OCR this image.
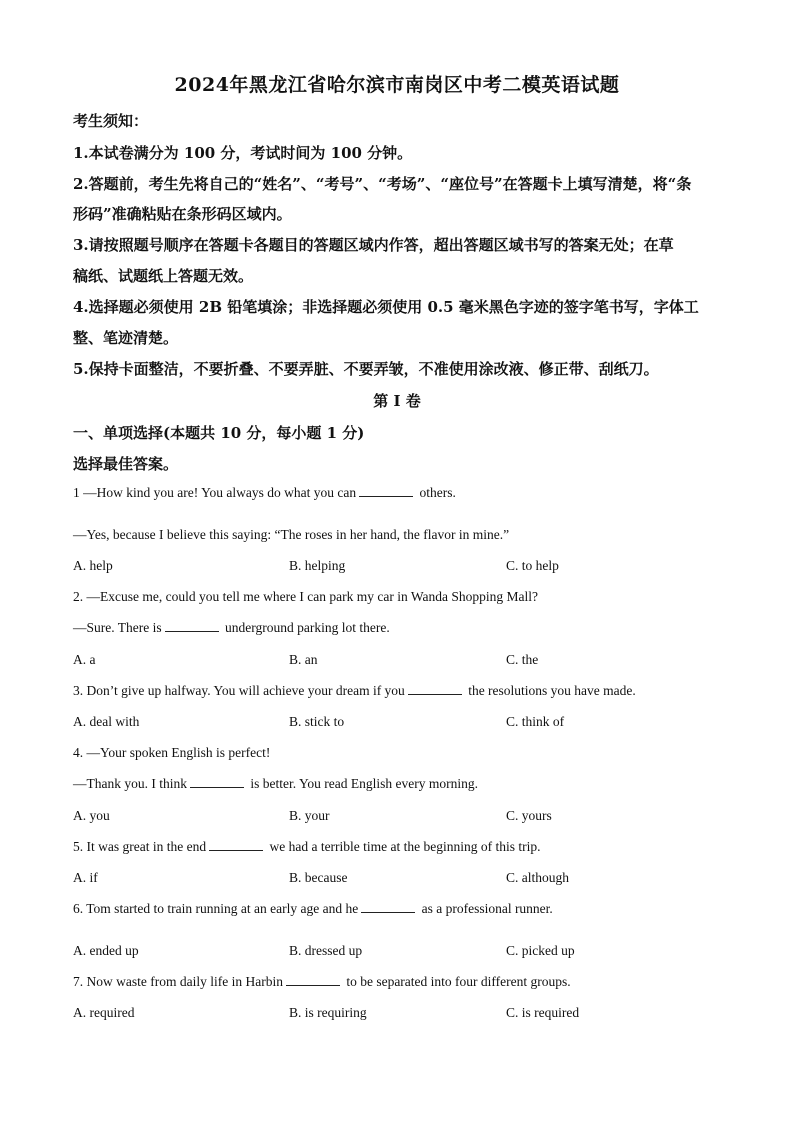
2024年黑龙江省哈尔滨市南岗区中考二模英语试题
考生须知：
1.本试卷满分为 100 分，考试时间为 100 分钟。
2.答题前，考生先将自己的“姓名”、“考号”、“考场”、“座位号”在答题卡上填写清楚，将“条
形码”准确粘贴在条形码区域内。
3.请按照题号顺序在答题卡各题目的答题区域内作答，超出答题区域书写的答案无处；在草
稿纸、试题纸上答题无效。
4.选择题必须使用 2B 铅笔填涂；非选择题必须使用 0.5 毫米黑色字迹的签字笔书写，字体工
整、笔迹清楚。
5.保持卡面整洁，不要折叠、不要弄脏、不要弄皱，不准使用涂改液、修正带、刮纸刀。
第 I 卷
一、单项选择(本题共 10 分，每小题 1 分)
选择最佳答案。
1 —How kind you are! You always do what you can	others.
—Yes, because I believe this saying: “The roses in her hand, the flavor in mine.”
A. help	B. helping	C. to help
2. —Excuse me, could you tell me where I can park my car in Wanda Shopping Mall?
—Sure. There is	underground parking lot there.
A. a	B. an	C. the
3. Don’t give up halfway. You will achieve your dream if you	the resolutions you have made.
A. deal with	B. stick to	C. think of
4. —Your spoken English is perfect!
—Thank you. I think	is better. You read English every morning.
A. you	B. your	C. yours
5. It was great in the end	we had a terrible time at the beginning of this trip.
A. if	B. because	C. although
6. Tom started to train running at an early age and he	as a professional runner.
A. ended up	B. dressed up	C. picked up
7. Now waste from daily life in Harbin	to be separated into four different groups.
A. required	B. is requiring	C. is required
